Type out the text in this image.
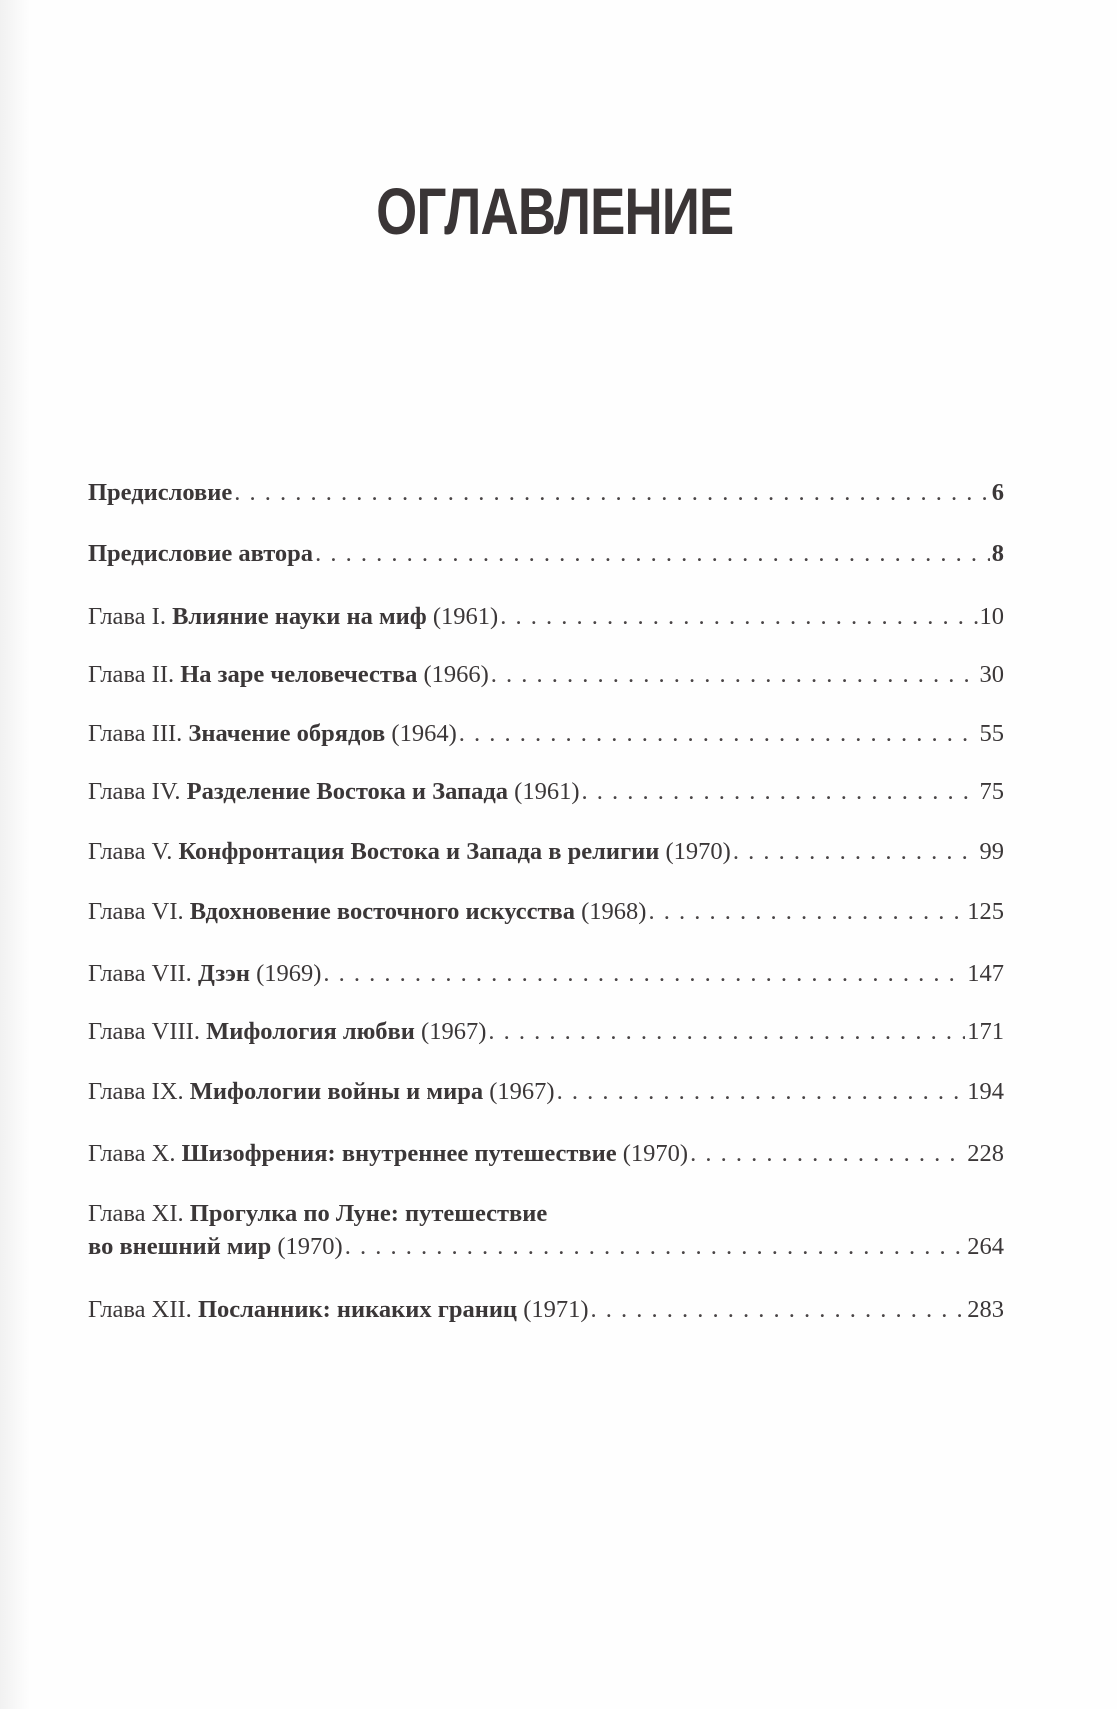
ОГЛАВЛЕНИЕ
Предисловие . . .	6
Предисловие автора . . .	8
Глава I. Влияние науки на миф (1961) . . .	10
Глава II. На заре человечества (1966) . . .	30
Глава III. Значение обрядов (1964) . . .	55
Глава IV. Разделение Востока и Запада (1961) . . .	75
Глава V. Конфронтация Востока и Запада в религии (1970) . . .	99
Глава VI. Вдохновение восточного искусства (1968) . . .	125
Глава VII. Дзэн (1969) . . .	147
Глава VIII. Мифология любви (1967) . . .	171
Глава IX. Мифологии войны и мира (1967) . . .	194
Глава X. Шизофрения: внутреннее путешествие (1970) . . .	228
Глава XI. Прогулка по Луне: путешествие
во внешний мир (1970) . . .	264
Глава XII. Посланник: никаких границ (1971) . . .	283
